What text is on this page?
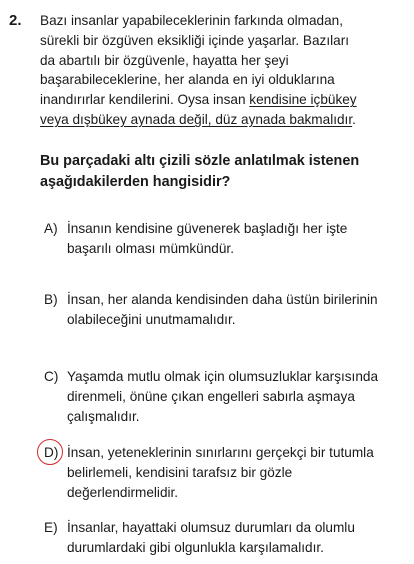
2. Bazı insanlar yapabileceklerinin farkında olmadan,
sürekli bir özgüven eksikliği içinde yaşarlar. Bazıları
da abartılı bir özgüvenle, hayatta her şeyi
başarabileceklerine, her alanda en iyi olduklarına
inandırırlar kendilerini. Oysa insan kendisine içbükey
veya dışbükey aynada değil, düz aynada bakmalıdır.

Bu parçadaki altı çizili sözle anlatılmak istenen
aşağıdakilerden hangisidir?

A) İnsanın kendisine güvenerek başladığı her işte
başarılı olması mümkündür.
B) İnsan, her alanda kendisinden daha üstün birilerinin
olabileceğini unutmamalıdır.
C) Yaşamda mutlu olmak için olumsuzluklar karşısında
direnmeli, önüne çıkan engelleri sabırla aşmaya
çalışmalıdır.
D) İnsan, yeteneklerinin sınırlarını gerçekçi bir tutumla
belirlemeli, kendisini tarafsız bir gözle
değerlendirmelidir.
E) İnsanlar, hayattaki olumsuz durumları da olumlu
durumlardaki gibi olgunlukla karşılamalıdır.
